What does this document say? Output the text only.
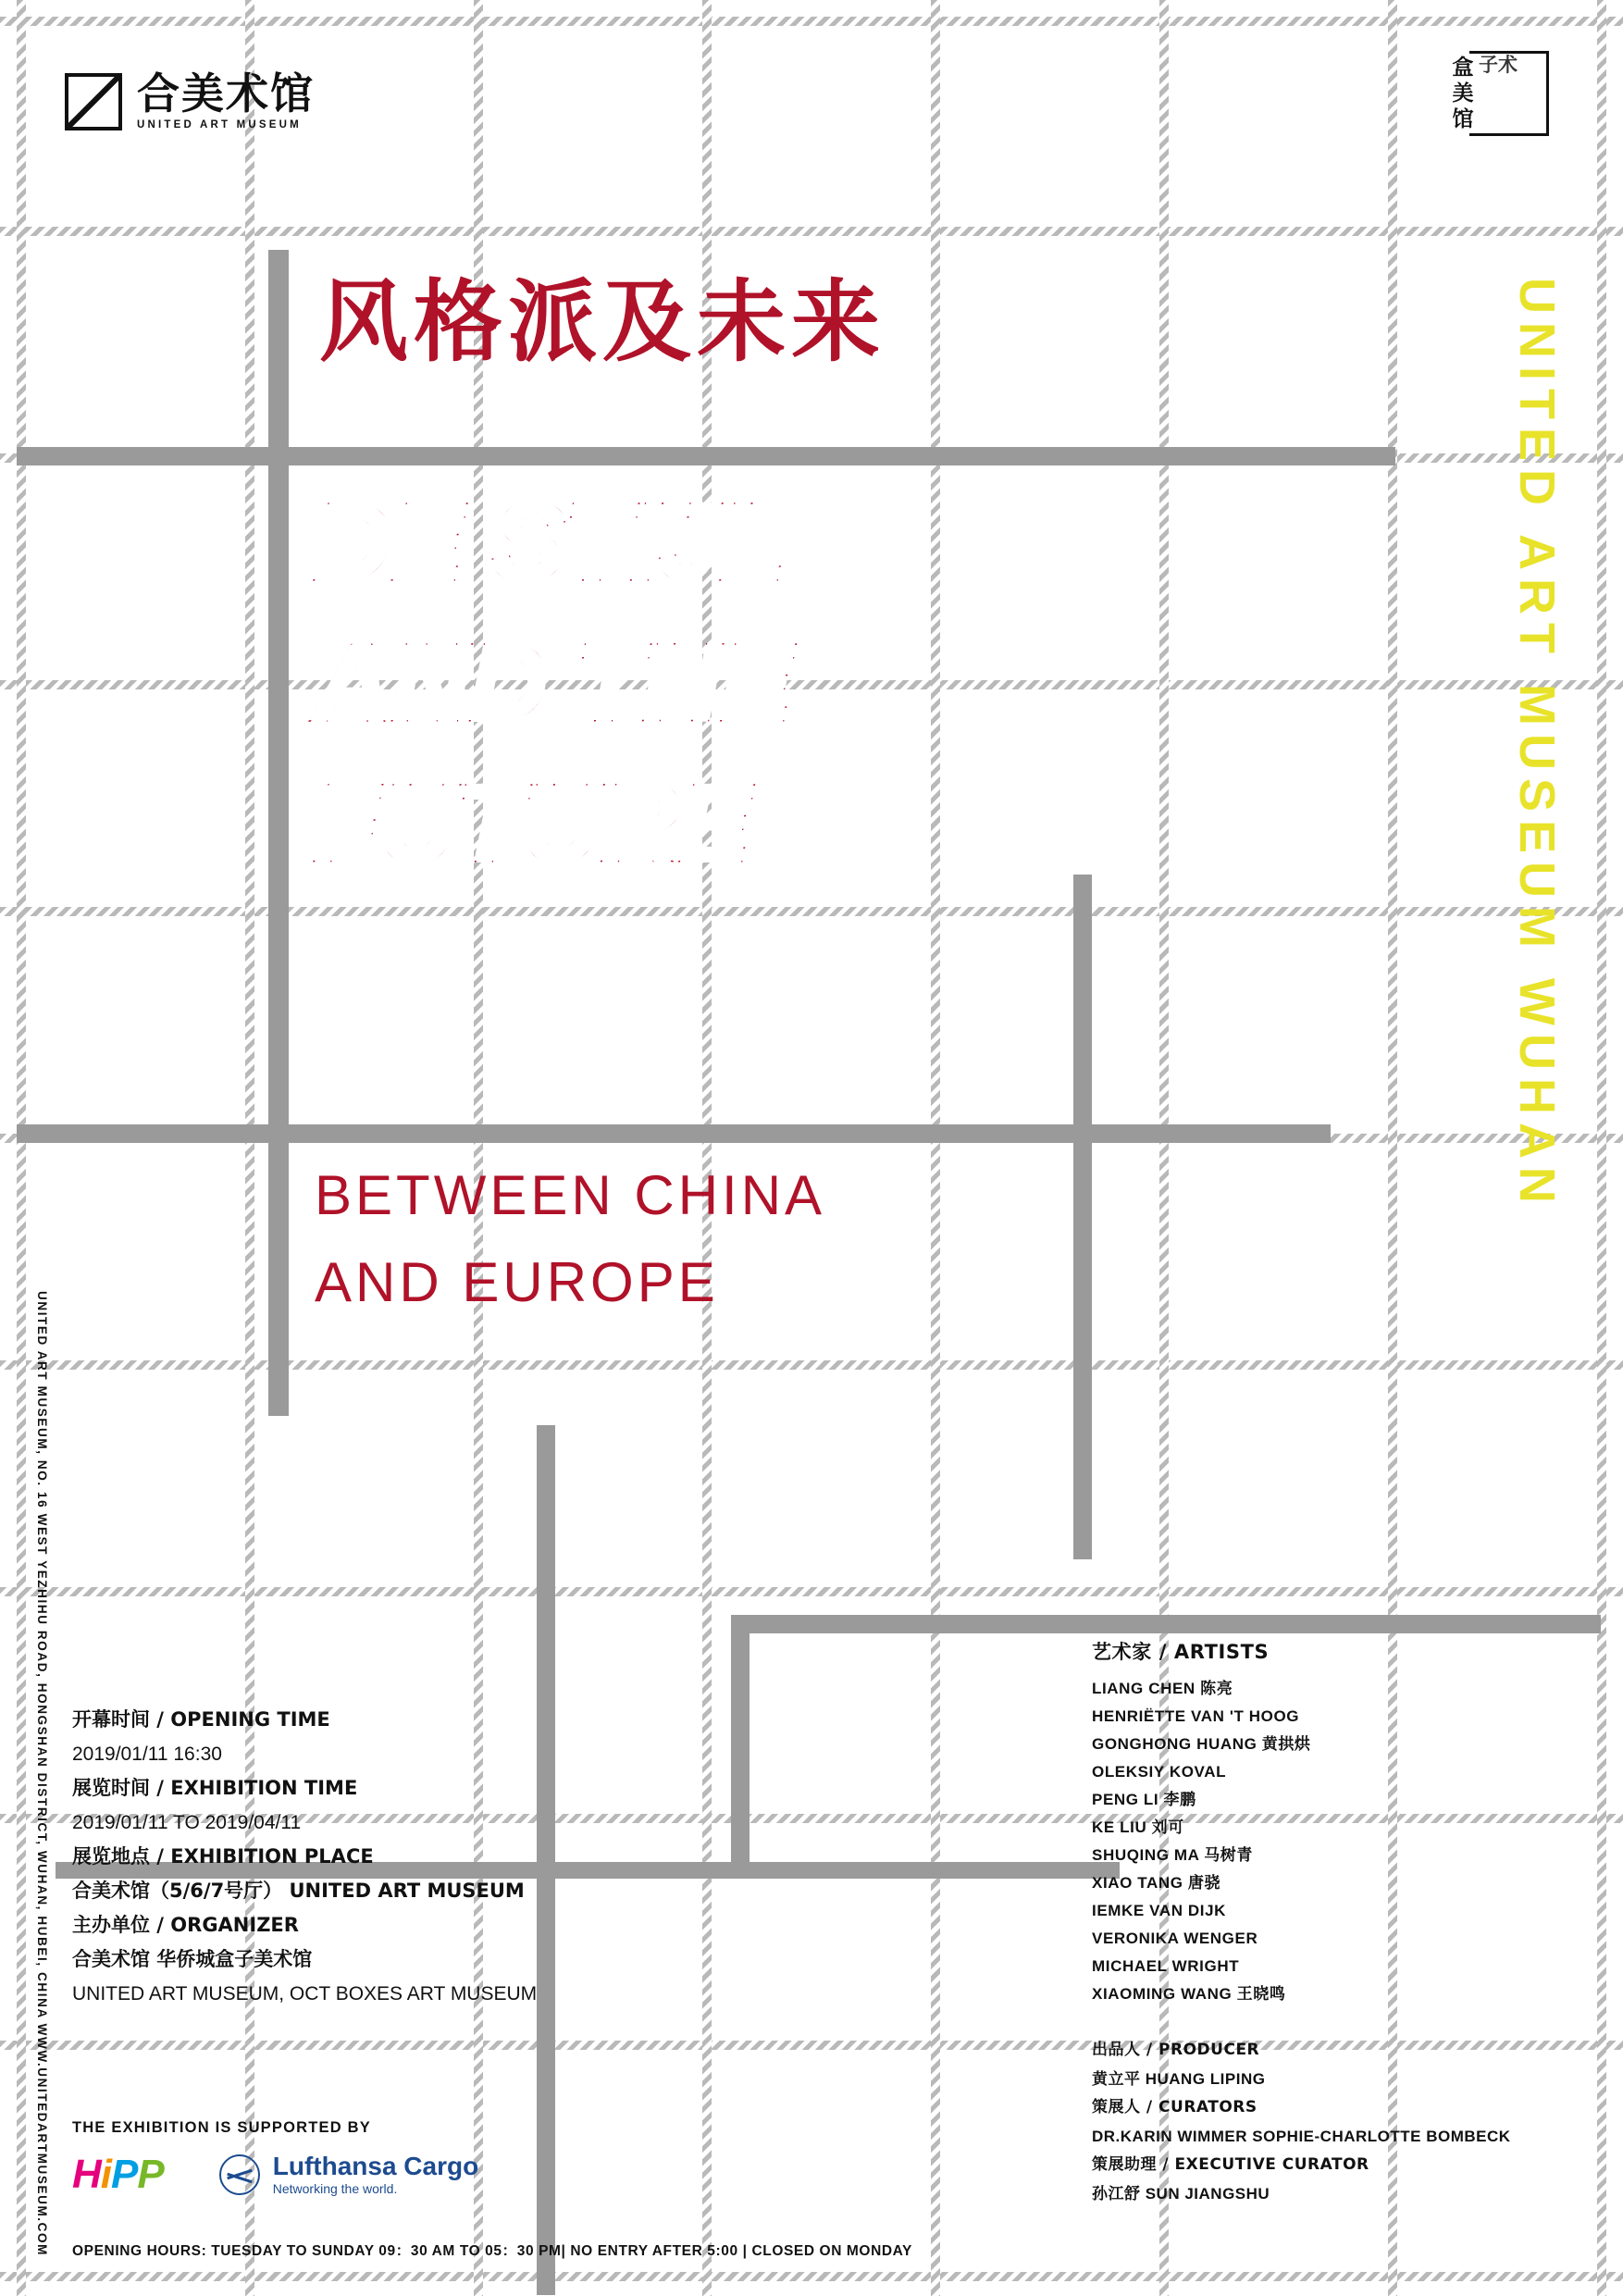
合美术馆
UNITED ART MUSEUM
盒美馆
子术
风格派及未来
DE STIJL
AND THE
FUTURE
BETWEEN CHINA
AND EUROPE
UNITED ART MUSEUM WUHAN
UNITED ART MUSEUM, NO. 16 WEST YEZHIHU ROAD, HONGSHAN DISTRICT, WUHAN, HUBEI, CHINA WWW.UNITEDARTMUSEUM.COM 开幕时间 / OPENING TIME
2019/01/11 16:30
展览时间 / EXHIBITION TIME
2019/01/11 TO 2019/04/11
展览地点 / EXHIBITION PLACE
合美术馆（5/6/7号厅） UNITED ART MUSEUM
主办单位 / ORGANIZER
合美术馆 华侨城盒子美术馆
UNITED ART MUSEUM, OCT BOXES ART MUSEUM
THE EXHIBITION IS SUPPORTED BY
HiPP	Lufthansa Cargo
Networking the world.
OPENING HOURS: TUESDAY TO SUNDAY 09：30 AM TO 05：30 PM| NO ENTRY AFTER 5:00 | CLOSED ON MONDAY
艺术家 / ARTISTS
LIANG CHEN 陈亮
HENRIËTTE VAN 'T HOOG
GONGHONG HUANG 黄拱烘
OLEKSIY KOVAL
PENG LI 李鹏
KE LIU 刘可
SHUQING MA 马树青
XIAO TANG 唐骁
IEMKE VAN DIJK
VERONIKA WENGER
MICHAEL WRIGHT
XIAOMING WANG 王晓鸣
出品人 / PRODUCER
黄立平 HUANG LIPING
策展人 / CURATORS
DR.KARIN WIMMER SOPHIE-CHARLOTTE BOMBECK
策展助理 / EXECUTIVE CURATOR
孙江舒 SUN JIANGSHU
